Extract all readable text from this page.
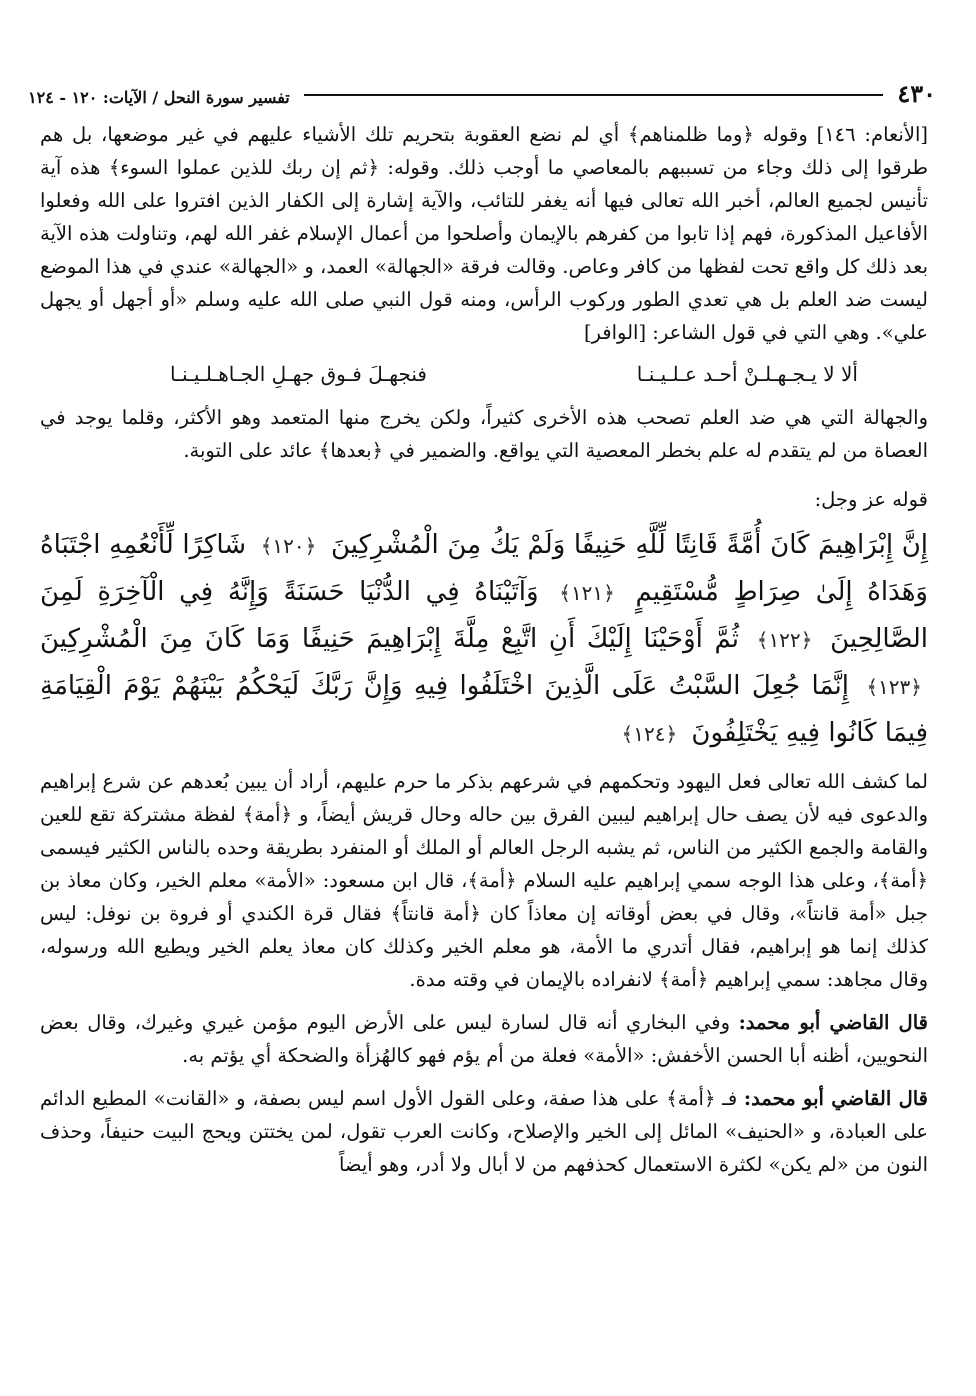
٤٣٠
تفسير سورة النحل / الآيات: ١٢٠ - ١٢٤

[الأنعام: ١٤٦] وقوله ﴿وما ظلمناهم﴾ أي لم نضع العقوبة بتحريم تلك الأشياء عليهم في غير موضعها، بل هم طرقوا إلى ذلك وجاء من تسببهم بالمعاصي ما أوجب ذلك. وقوله: ﴿ثم إن ربك للذين عملوا السوء﴾ هذه آية تأنيس لجميع العالم، أخبر الله تعالى فيها أنه يغفر للتائب، والآية إشارة إلى الكفار الذين افتروا على الله وفعلوا الأفاعيل المذكورة، فهم إذا تابوا من كفرهم بالإيمان وأصلحوا من أعمال الإسلام غفر الله لهم، وتناولت هذه الآية بعد ذلك كل واقع تحت لفظها من كافر وعاص. وقالت فرقة «الجهالة» العمد، و «الجهالة» عندي في هذا الموضع ليست ضد العلم بل هي تعدي الطور وركوب الرأس، ومنه قول النبي صلى الله عليه وسلم «أو أجهل أو يجهل علي». وهي التي في قول الشاعر: [الوافر]

ألا لا يـجـهـلـنْ أحـد عـلـيـنـا
فنجهـلَ فـوق جهـلِ الجـاهـلـيـنـا

والجهالة التي هي ضد العلم تصحب هذه الأخرى كثيراً، ولكن يخرج منها المتعمد وهو الأكثر، وقلما يوجد في العصاة من لم يتقدم له علم بخطر المعصية التي يواقع. والضمير في ﴿بعدها﴾ عائد على التوبة.

قوله عز وجل:

إِنَّ إِبْرَاهِيمَ كَانَ أُمَّةً قَانِتًا لِّلَّهِ حَنِيفًا وَلَمْ يَكُ مِنَ الْمُشْرِكِينَ ﴿١٢٠﴾ شَاكِرًا لِّأَنْعُمِهِ اجْتَبَاهُ وَهَدَاهُ إِلَىٰ صِرَاطٍ مُّسْتَقِيمٍ ﴿١٢١﴾ وَآتَيْنَاهُ فِي الدُّنْيَا حَسَنَةً وَإِنَّهُ فِي الْآخِرَةِ لَمِنَ الصَّالِحِينَ ﴿١٢٢﴾ ثُمَّ أَوْحَيْنَا إِلَيْكَ أَنِ اتَّبِعْ مِلَّةَ إِبْرَاهِيمَ حَنِيفًا وَمَا كَانَ مِنَ الْمُشْرِكِينَ ﴿١٢٣﴾ إِنَّمَا جُعِلَ السَّبْتُ عَلَى الَّذِينَ اخْتَلَفُوا فِيهِ وَإِنَّ رَبَّكَ لَيَحْكُمُ بَيْنَهُمْ يَوْمَ الْقِيَامَةِ فِيمَا كَانُوا فِيهِ يَخْتَلِفُونَ ﴿١٢٤﴾

لما كشف الله تعالى فعل اليهود وتحكمهم في شرعهم بذكر ما حرم عليهم، أراد أن يبين بُعدهم عن شرع إبراهيم والدعوى فيه لأن يصف حال إبراهيم ليبين الفرق بين حاله وحال قريش أيضاً، و ﴿أمة﴾ لفظة مشتركة تقع للعين والقامة والجمع الكثير من الناس، ثم يشبه الرجل العالم أو الملك أو المنفرد بطريقة وحده بالناس الكثير فيسمى ﴿أمة﴾، وعلى هذا الوجه سمي إبراهيم عليه السلام ﴿أمة﴾، قال ابن مسعود: «الأمة» معلم الخير، وكان معاذ بن جبل «أمة قانتاً»، وقال في بعض أوقاته إن معاذاً كان ﴿أمة قانتاً﴾ فقال قرة الكندي أو فروة بن نوفل: ليس كذلك إنما هو إبراهيم، فقال أتدري ما الأمة، هو معلم الخير وكذلك كان معاذ يعلم الخير ويطيع الله ورسوله، وقال مجاهد: سمي إبراهيم ﴿أمة﴾ لانفراده بالإيمان في وقته مدة.

قال القاضي أبو محمد: وفي البخاري أنه قال لسارة ليس على الأرض اليوم مؤمن غيري وغيرك، وقال بعض النحويين، أظنه أبا الحسن الأخفش: «الأمة» فعلة من أم يؤم فهو كالهُزأة والضحكة أي يؤتم به.

قال القاضي أبو محمد: فـ ﴿أمة﴾ على هذا صفة، وعلى القول الأول اسم ليس بصفة، و «القانت» المطيع الدائم على العبادة، و «الحنيف» المائل إلى الخير والإصلاح، وكانت العرب تقول، لمن يختتن ويحج البيت حنيفاً، وحذف النون من «لم يكن» لكثرة الاستعمال كحذفهم من لا أبال ولا أدر، وهو أيضاً
